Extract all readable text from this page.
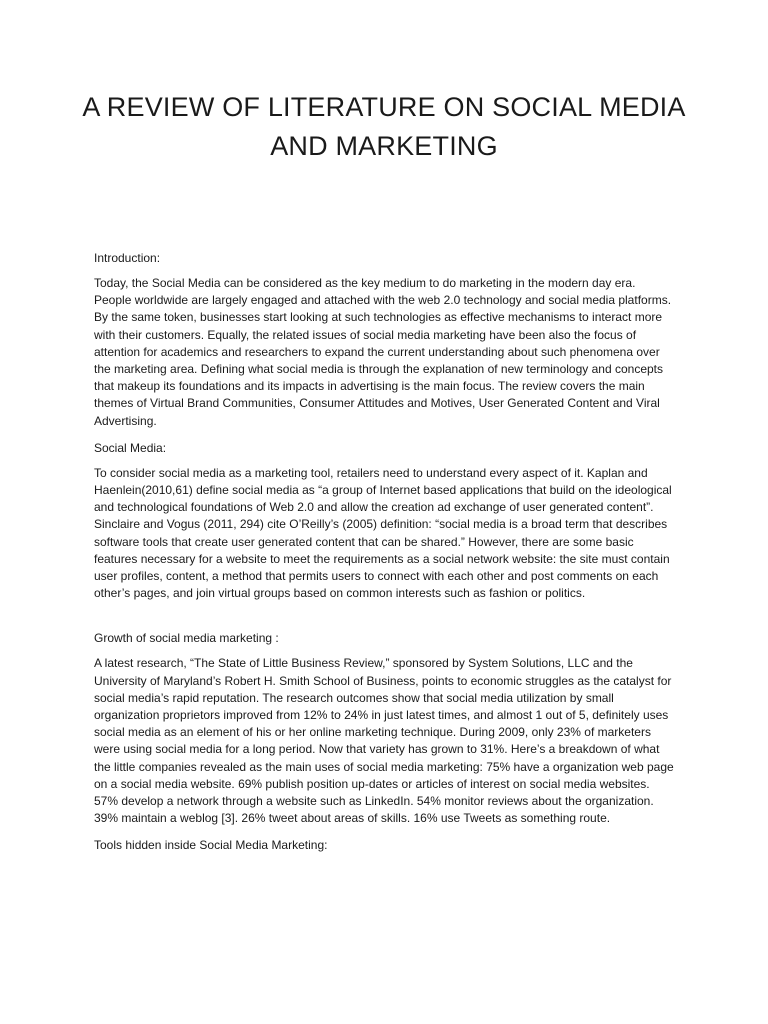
A REVIEW OF LITERATURE ON SOCIAL MEDIA AND MARKETING

Introduction:

Today, the Social Media can be considered as the key medium to do marketing in the modern day era. People worldwide are largely engaged and attached with the web 2.0 technology and social media platforms. By the same token, businesses start looking at such technologies as effective mechanisms to interact more with their customers. Equally, the related issues of social media marketing have been also the focus of attention for academics and researchers to expand the current understanding about such phenomena over the marketing area. Defining what social media is through the explanation of new terminology and concepts that makeup its foundations and its impacts in advertising is the main focus. The review covers the main themes of Virtual Brand Communities, Consumer Attitudes and Motives, User Generated Content and Viral Advertising.

Social Media:

To consider social media as a marketing tool, retailers need to understand every aspect of it. Kaplan and Haenlein(2010,61) define social media as “a group of Internet based applications that build on the ideological and technological foundations of Web 2.0 and allow the creation ad exchange of user generated content”. Sinclaire and Vogus (2011, 294) cite O’Reilly’s (2005) definition: “social media is a broad term that describes software tools that create user generated content that can be shared.” However, there are some basic features necessary for a website to meet the requirements as a social network website: the site must contain user profiles, content, a method that permits users to connect with each other and post comments on each other’s pages, and join virtual groups based on common interests such as fashion or politics.

Growth of social media marketing :

A latest research, “The State of Little Business Review,” sponsored by System Solutions, LLC and the University of Maryland’s Robert H. Smith School of Business, points to economic struggles as the catalyst for social media’s rapid reputation. The research outcomes show that social media utilization by small organization proprietors improved from 12% to 24% in just latest times, and almost 1 out of 5, definitely uses social media as an element of his or her online marketing technique. During 2009, only 23% of marketers were using social media for a long period. Now that variety has grown to 31%. Here’s a breakdown of what the little companies revealed as the main uses of social media marketing: 75% have a organization web page on a social media website. 69% publish position up-dates or articles of interest on social media websites. 57% develop a network through a website such as LinkedIn. 54% monitor reviews about the organization. 39% maintain a weblog [3]. 26% tweet about areas of skills. 16% use Tweets as something route.

Tools hidden inside Social Media Marketing:
